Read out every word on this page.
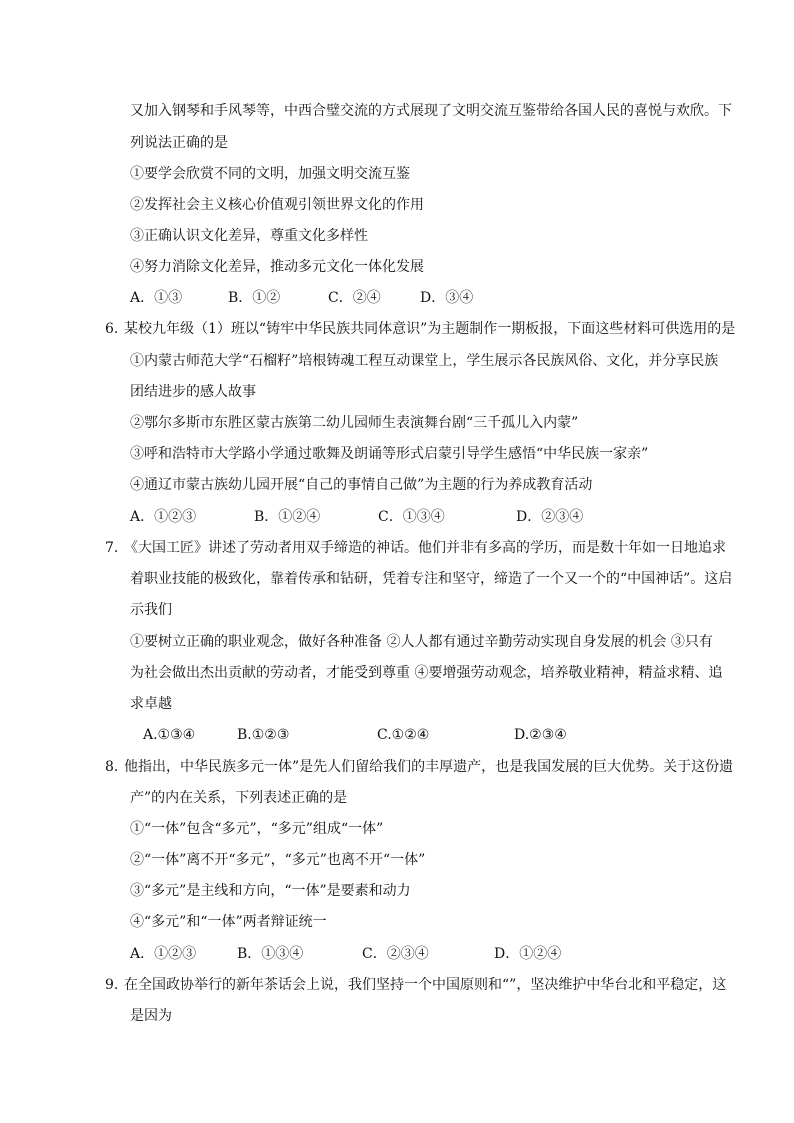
又加入钢琴和手风琴等，中西合璧交流的方式展现了文明交流互鉴带给各国人民的喜悦与欢欣。下
列说法正确的是
①要学会欣赏不同的文明，加强文明交流互鉴
②发挥社会主义核心价值观引领世界文化的作用
③正确认识文化差异，尊重文化多样性
④努力消除文化差异，推动多元文化一体化发展
A．①③	B．①②	C．②④	D．③④
6. 某校九年级（1）班以“铸牢中华民族共同体意识”为主题制作一期板报，下面这些材料可供选用的是
①内蒙古师范大学“石榴籽”培根铸魂工程互动课堂上，学生展示各民族风俗、文化，并分享民族
团结进步的感人故事
②鄂尔多斯市东胜区蒙古族第二幼儿园师生表演舞台剧“三千孤儿入内蒙”
③呼和浩特市大学路小学通过歌舞及朗诵等形式启蒙引导学生感悟“中华民族一家亲”
④通辽市蒙古族幼儿园开展“自己的事情自己做”为主题的行为养成教育活动
A．①②③	B．①②④	C．①③④	D．②③④
7. 《大国工匠》讲述了劳动者用双手缔造的神话。他们并非有多高的学历，而是数十年如一日地追求
着职业技能的极致化，靠着传承和钻研，凭着专注和坚守，缔造了一个又一个的“中国神话”。这启
示我们
①要树立正确的职业观念，做好各种准备 ②人人都有通过辛勤劳动实现自身发展的机会 ③只有
为社会做出杰出贡献的劳动者，才能受到尊重 ④要增强劳动观念，培养敬业精神，精益求精、追
求卓越
A.①③④	B.①②③	C.①②④	D.②③④
8. 他指出，中华民族多元一体”是先人们留给我们的丰厚遗产，也是我国发展的巨大优势。关于这份遗
产”的内在关系，下列表述正确的是
①“一体”包含“多元”，“多元”组成“一体”
②“一体”离不开“多元”，“多元”也离不开“一体”
③“多元”是主线和方向，“一体”是要素和动力
④“多元”和“一体”两者辩证统一
A．①②③	B．①③④	C．②③④	D．①②④
9. 在全国政协举行的新年茶话会上说，我们坚持一个中国原则和“”，坚决维护中华台北和平稳定，这
是因为
